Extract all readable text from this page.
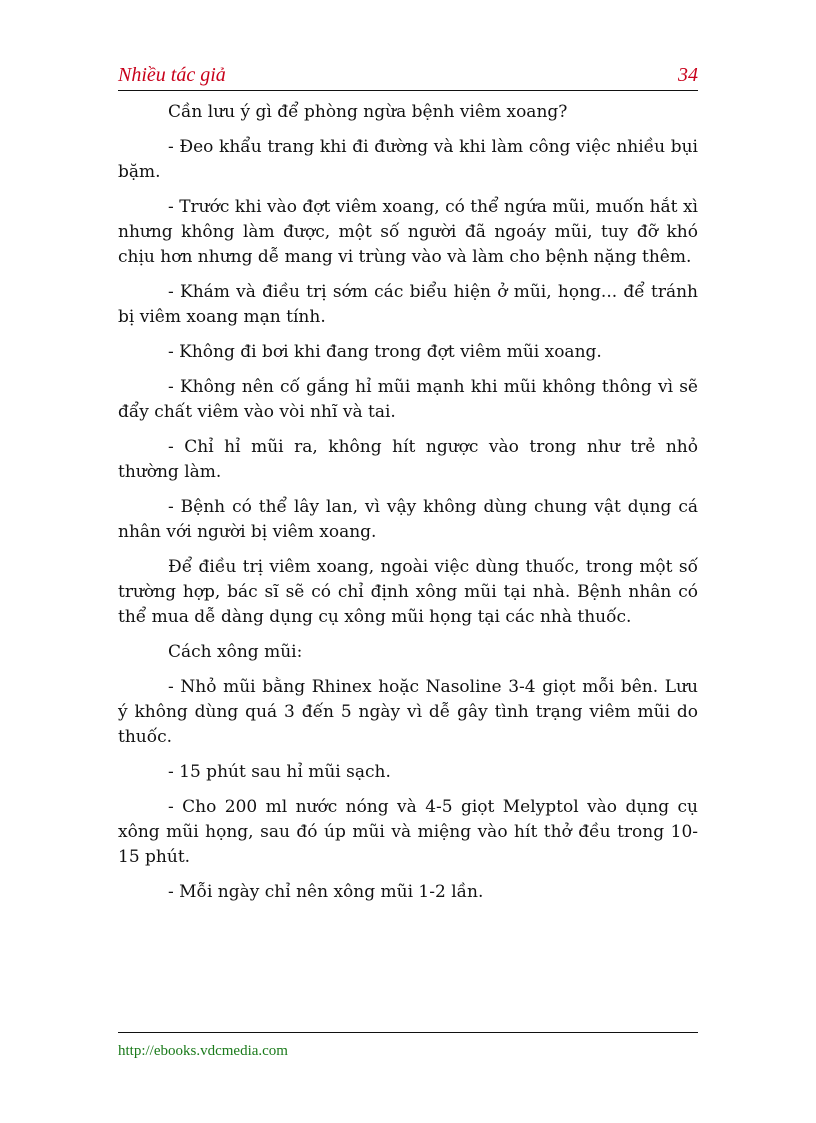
Nhiều tác giả	34

Cần lưu ý gì để phòng ngừa bệnh viêm xoang?

- Đeo khẩu trang khi đi đường và khi làm công việc nhiều bụi bặm.

- Trước khi vào đợt viêm xoang, có thể ngứa mũi, muốn hắt xì nhưng không làm được, một số người đã ngoáy mũi, tuy đỡ khó chịu hơn nhưng dễ mang vi trùng vào và làm cho bệnh nặng thêm.

- Khám và điều trị sớm các biểu hiện ở mũi, họng... để tránh bị viêm xoang mạn tính.

- Không đi bơi khi đang trong đợt viêm mũi xoang.

- Không nên cố gắng hỉ mũi mạnh khi mũi không thông vì sẽ đẩy chất viêm vào vòi nhĩ và tai.

- Chỉ hỉ mũi ra, không hít ngược vào trong như trẻ nhỏ thường làm.

- Bệnh có thể lây lan, vì vậy không dùng chung vật dụng cá nhân với người bị viêm xoang.

Để điều trị viêm xoang, ngoài việc dùng thuốc, trong một số trường hợp, bác sĩ sẽ có chỉ định xông mũi tại nhà. Bệnh nhân có thể mua dễ dàng dụng cụ xông mũi họng tại các nhà thuốc.

Cách xông mũi:

- Nhỏ mũi bằng Rhinex hoặc Nasoline 3-4 giọt mỗi bên. Lưu ý không dùng quá 3 đến 5 ngày vì dễ gây tình trạng viêm mũi do thuốc.

- 15 phút sau hỉ mũi sạch.

- Cho 200 ml nước nóng và 4-5 giọt Melyptol vào dụng cụ xông mũi họng, sau đó úp mũi và miệng vào hít thở đều trong 10-15 phút.

- Mỗi ngày chỉ nên xông mũi 1-2 lần.

http://ebooks.vdcmedia.com
